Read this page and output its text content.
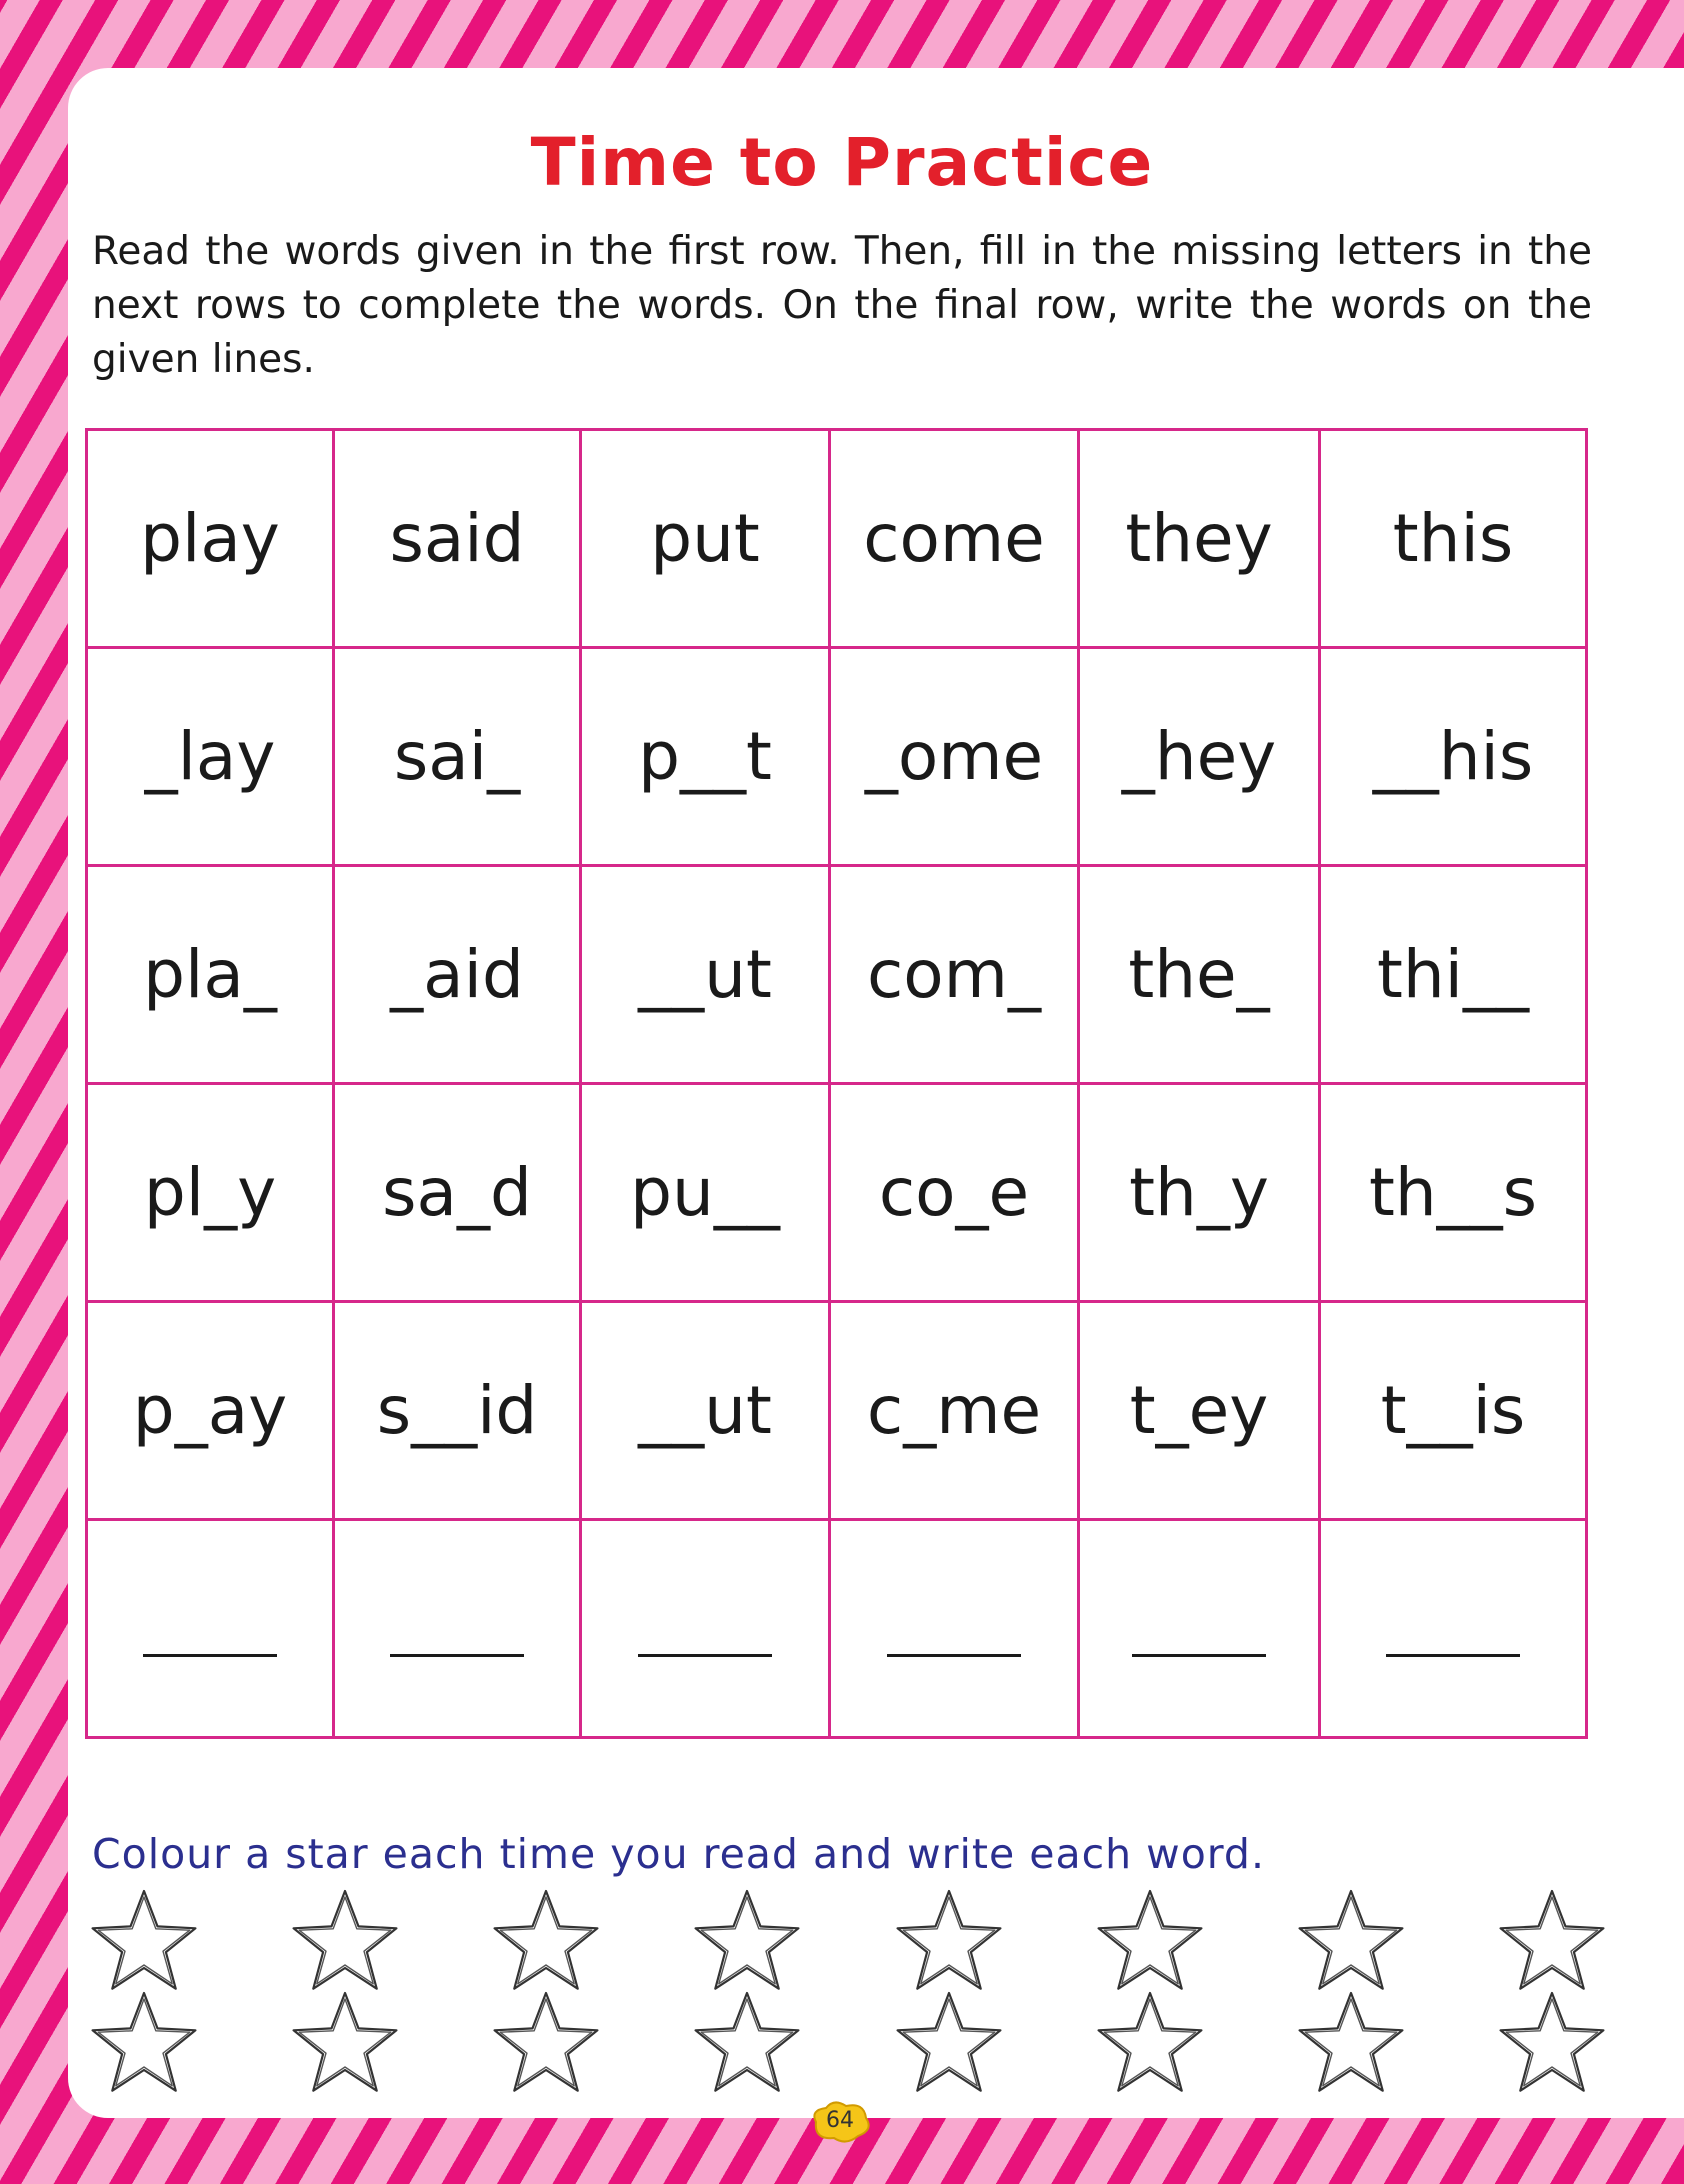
Time to Practice
Read the words given in the first row. Then, fill in the missing letters in the next rows to complete the words. On the final row, write the words on the given lines.
play	said	put	come	they	this
_lay	sai_	p__t	_ome	_hey	__his
pla_	_aid	__ut	com_	the_	thi__
pl_y	sa_d	pu__	co_e	th_y	th__s
p_ay	s__id	__ut	c_me	t_ey	t__is

Colour a star each time you read and write each word.
64
